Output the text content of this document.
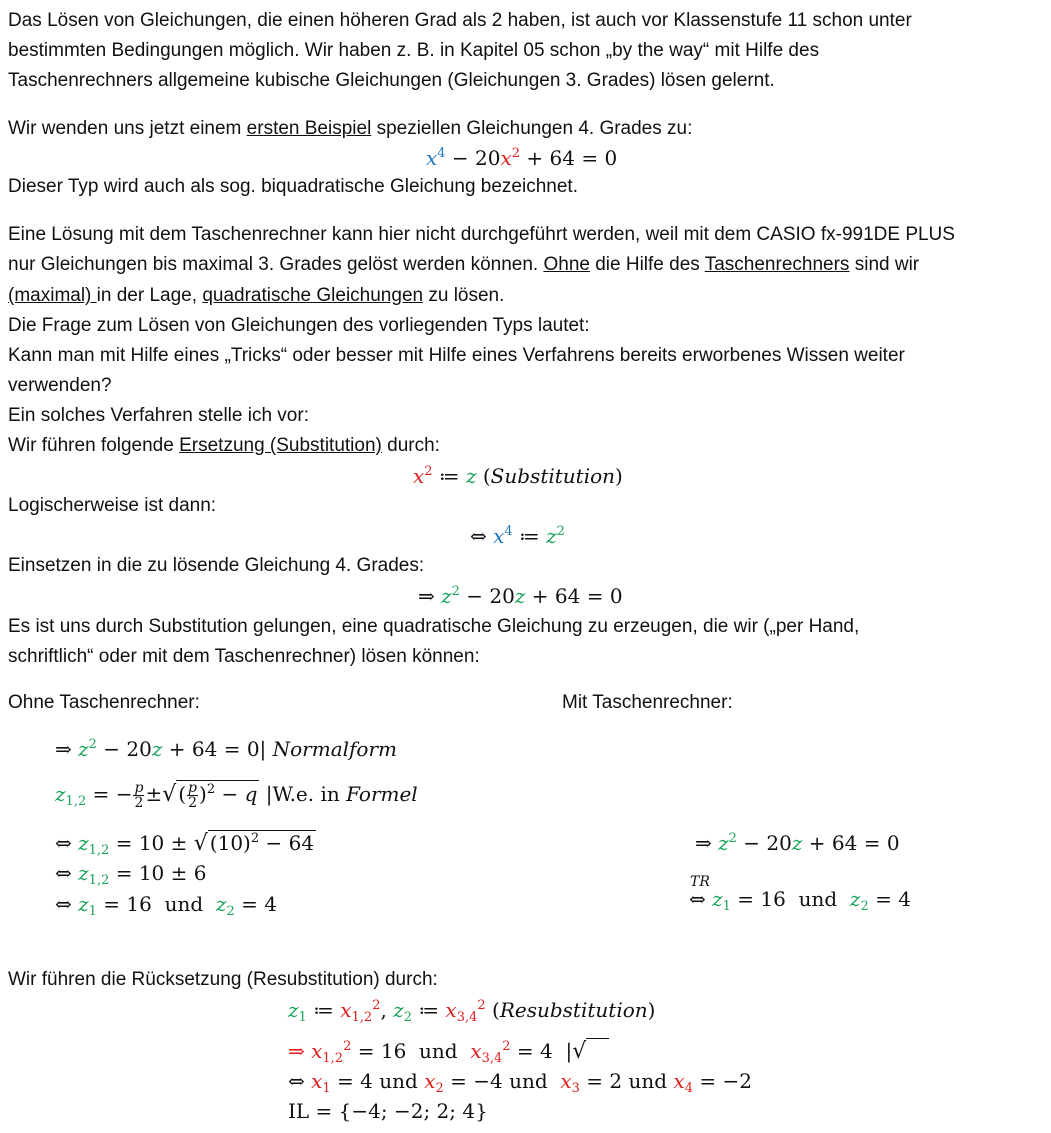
Das Lösen von Gleichungen, die einen höheren Grad als 2 haben, ist auch vor Klassenstufe 11 schon unter
bestimmten Bedingungen möglich. Wir haben z. B. in Kapitel 05 schon „by the way“ mit Hilfe des
Taschenrechners allgemeine kubische Gleichungen (Gleichungen 3. Grades) lösen gelernt.
Wir wenden uns jetzt einem ersten Beispiel speziellen Gleichungen 4. Grades zu:
$x^4 - 20x^2 + 64 = 0$
Dieser Typ wird auch als sog. biquadratische Gleichung bezeichnet.
Eine Lösung mit dem Taschenrechner kann hier nicht durchgeführt werden, weil mit dem CASIO fx-991DE PLUS
nur Gleichungen bis maximal 3. Grades gelöst werden können. Ohne die Hilfe des Taschenrechners sind wir
(maximal) in der Lage, quadratische Gleichungen zu lösen.
Die Frage zum Lösen von Gleichungen des vorliegenden Typs lautet:
Kann man mit Hilfe eines „Tricks“ oder besser mit Hilfe eines Verfahrens bereits erworbenes Wissen weiter
verwenden?
Ein solches Verfahren stelle ich vor:
Wir führen folgende Ersetzung (Substitution) durch:
$x^2$ ≔ z (Substitution)
Logischerweise ist dann:
⇔ $x^4$ ≔ $z^2$
Einsetzen in die zu lösende Gleichung 4. Grades:
⇒ $z^2 - 20z + 64 = 0$
Es ist uns durch Substitution gelungen, eine quadratische Gleichung zu erzeugen, die wir („per Hand,
schriftlich“ oder mit dem Taschenrechner) lösen können:
Ohne Taschenrechner:	Mit Taschenrechner:
⇒ $z^2 - 20z + 64 = 0|$ Normalform
$z_{1,2}$ = − $\frac{p}{2}$ ±√ ( $\frac{p}{2} )^2 - q$ |W.e. in Formel
⇔ $z_{1,2} = 10$ ± √ $(10)^2 - 64$
⇔ $z_{1,2} = 10 \pm 6$
⇔ $z_1 = 16$  und $z_2 = 4$
⇒ $z^2 - 20z + 64 = 0$
TR
⇔ $z_1 = 16$  und $z_2 = 4$
Wir führen die Rücksetzung (Resubstitution) durch:
$z_1$ ≔ $x_{1,2}^2$, $z_2$ ≔ $x_{3,4}^2$ (Resubstitution)
⇒ $x_{1,2}^2 = 16$  und $x_{3,4}^2 = 4$  |√
⇔ $x_1 = 4$ und $x_2 = -4$ und $x_3 = 2$ und $x_4 = -2$
IL = {−4; −2; 2; 4}
